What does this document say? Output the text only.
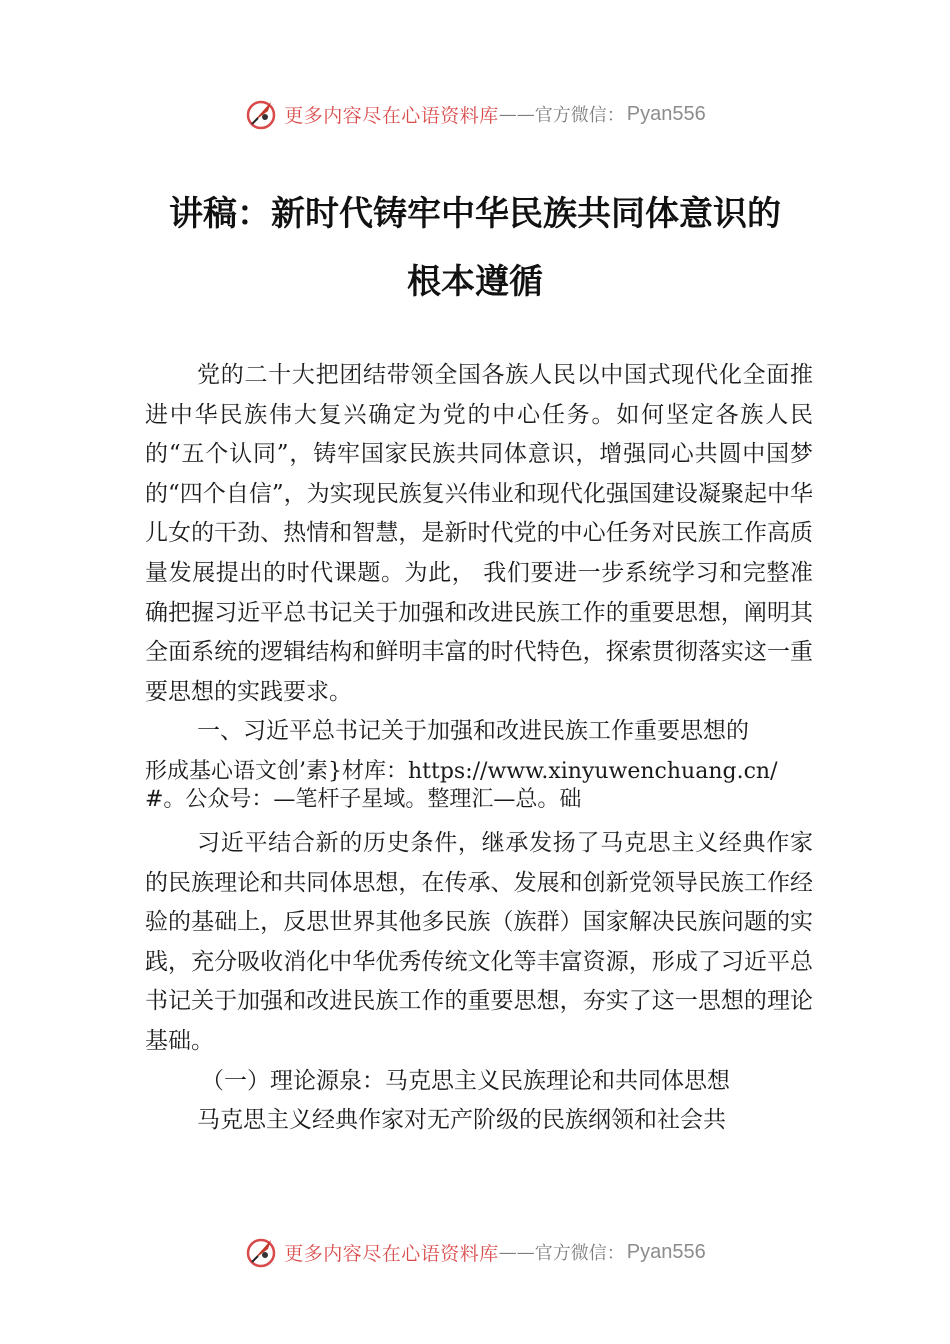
更多内容尽在心语资料库 —— 官方微信： Pyan556
讲稿：新时代铸牢中华民族共同体意识的
根本遵循

党的二十大把团结带领全国各族人民以中国式现代化全面推进中华民族伟大复兴确定为党的中心任务。如何坚定各族人民的“五个认同”，铸牢国家民族共同体意识，增强同心共圆中国梦的“四个自信”，为实现民族复兴伟业和现代化强国建设凝聚起中华儿女的干劲、热情和智慧，是新时代党的中心任务对民族工作高质量发展提出的时代课题。为此， 我们要进一步系统学习和完整准确把握习近平总书记关于加强和改进民族工作的重要思想，阐明其全面系统的逻辑结构和鲜明丰富的时代特色，探索贯彻落实这一重要思想的实践要求。

一、习近平总书记关于加强和改进民族工作重要思想的

形成基心语文创’素}材库：https://www.xinyuwenchuang.cn/#。公众号：—笔杆子星域。整理汇—总。础

习近平结合新的历史条件，继承发扬了马克思主义经典作家的民族理论和共同体思想，在传承、发展和创新党领导民族工作经验的基础上，反思世界其他多民族（族群）国家解决民族问题的实践，充分吸收消化中华优秀传统文化等丰富资源，形成了习近平总书记关于加强和改进民族工作的重要思想，夯实了这一思想的理论基础。

（一）理论源泉：马克思主义民族理论和共同体思想

马克思主义经典作家对无产阶级的民族纲领和社会共

更多内容尽在心语资料库 —— 官方微信： Pyan556
